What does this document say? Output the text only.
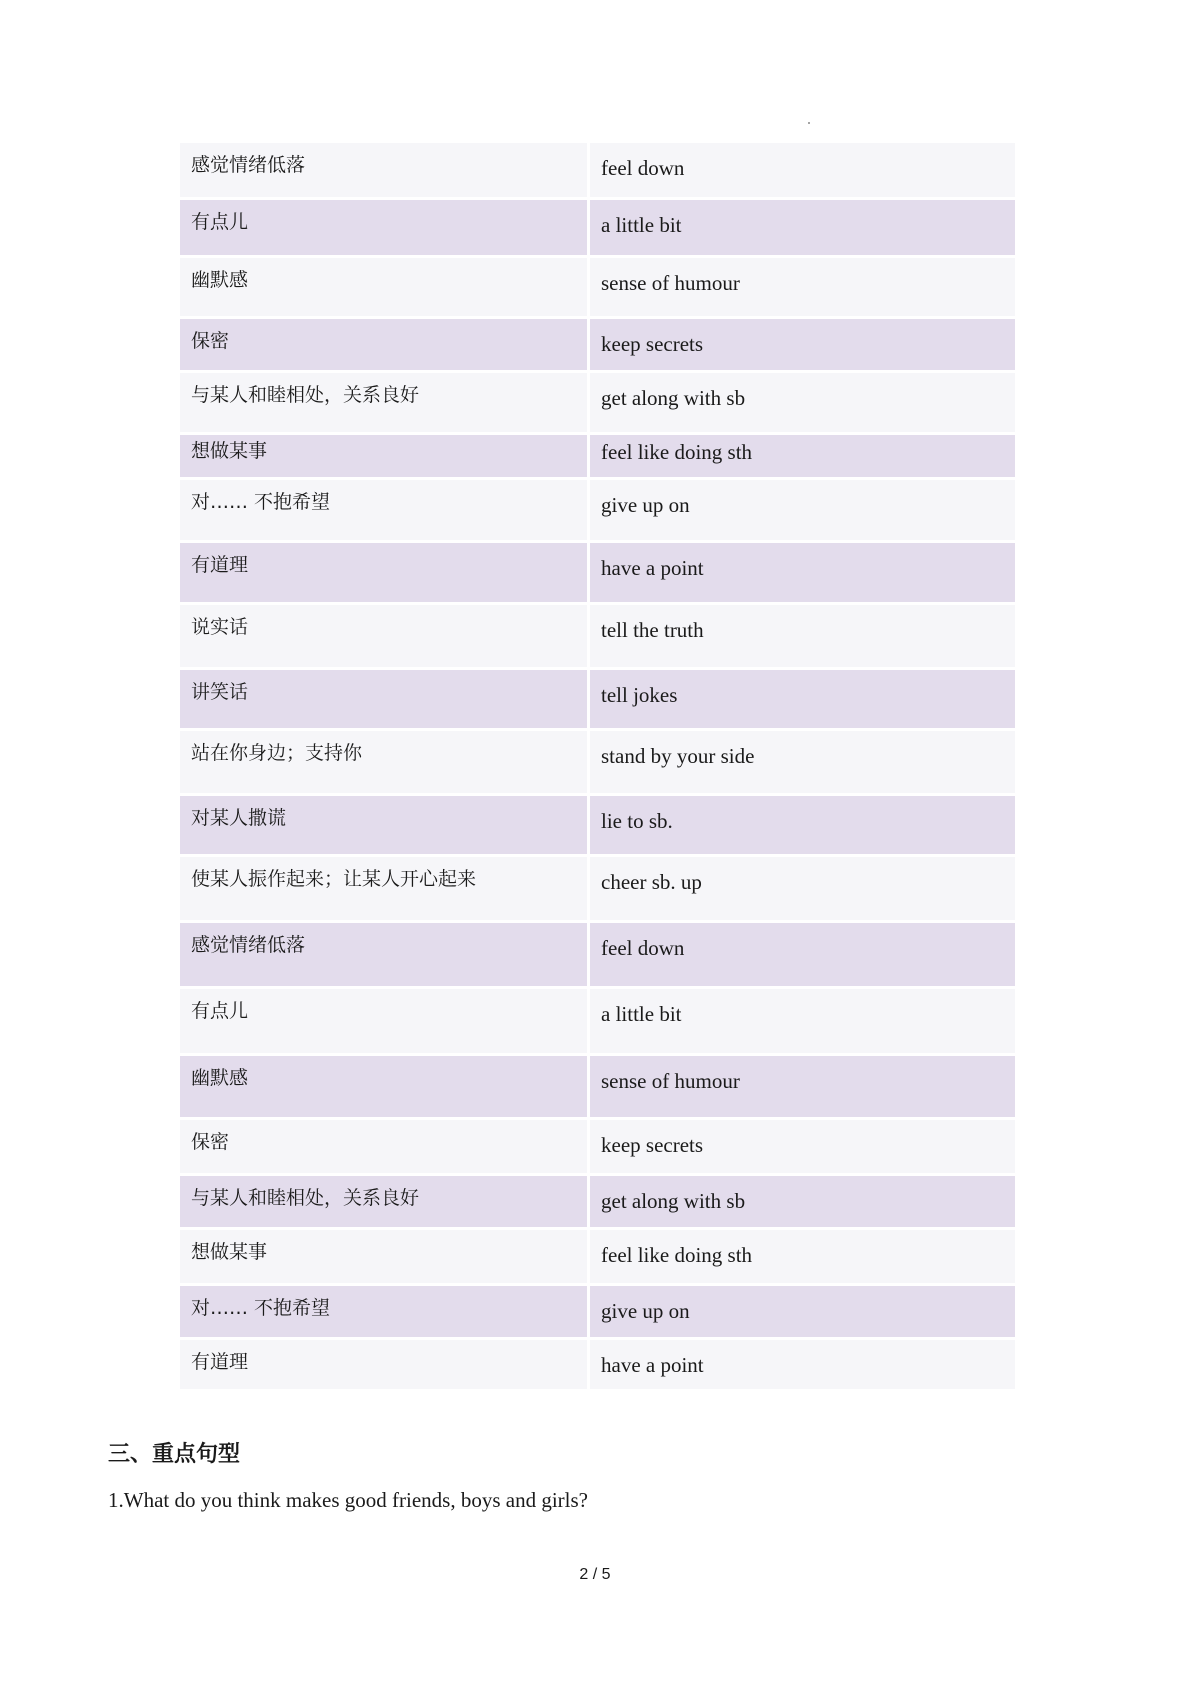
感觉情绪低落	feel down
有点儿	a little bit
幽默感	sense of humour
保密	keep secrets
与某人和睦相处，关系良好	get along with sb
想做某事	feel like doing sth
对…… 不抱希望	give up on
有道理	have a point
说实话	tell the truth
讲笑话	tell jokes
站在你身边；支持你	stand by your side
对某人撒谎	lie to sb.
使某人振作起来；让某人开心起来	cheer sb. up
感觉情绪低落	feel down
有点儿	a little bit
幽默感	sense of humour
保密	keep secrets
与某人和睦相处，关系良好	get along with sb
想做某事	feel like doing sth
对…… 不抱希望	give up on
有道理	have a point
三、重点句型

1.What do you think makes good friends, boys and girls?

2 / 5
